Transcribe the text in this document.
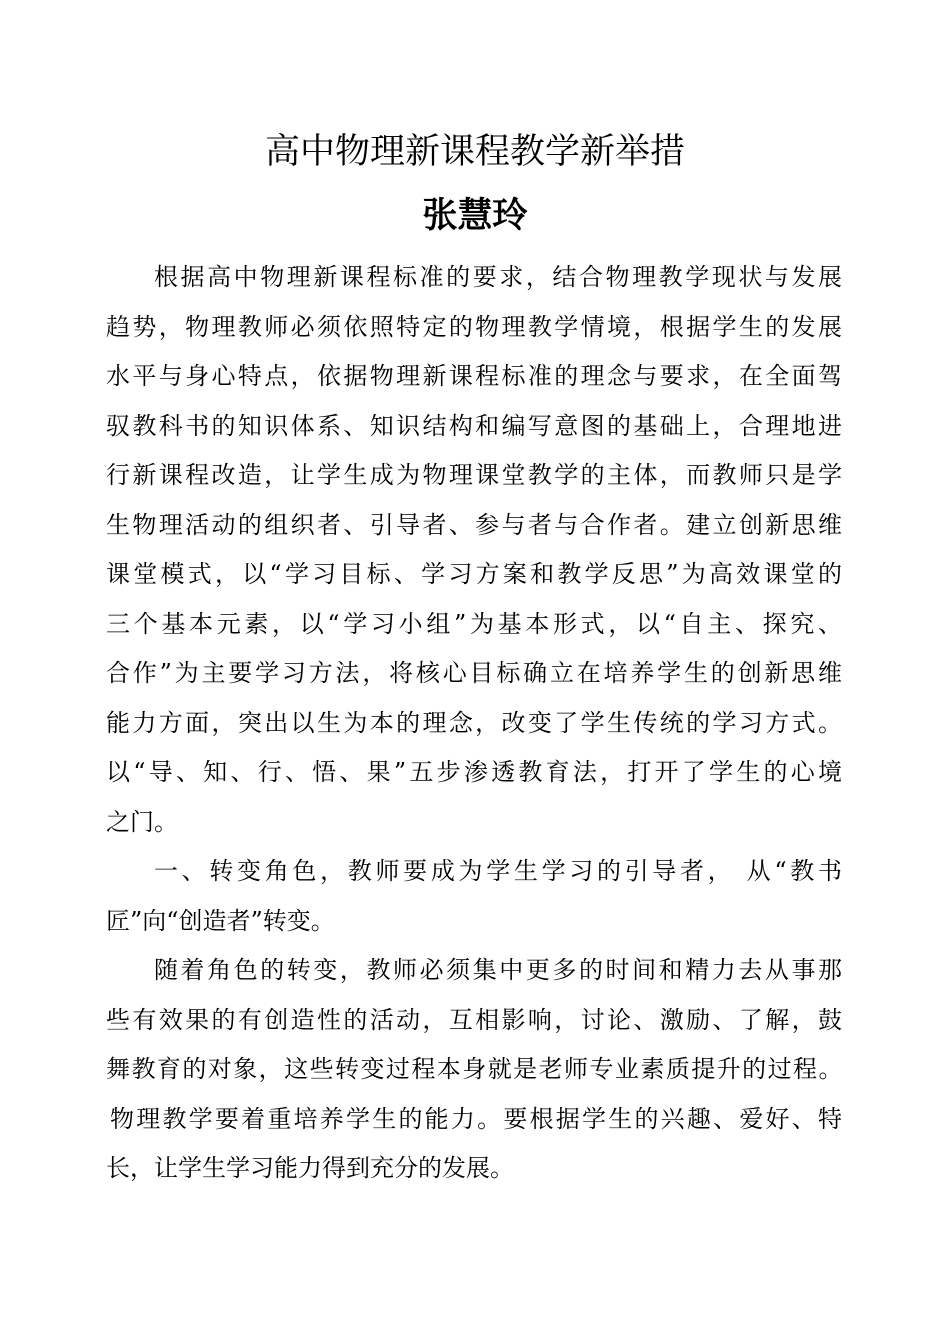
高中物理新课程教学新举措
张慧玲
根据高中物理新课程标准的要求，结合物理教学现状与发展
趋势，物理教师必须依照特定的物理教学情境，根据学生的发展
水平与身心特点，依据物理新课程标准的理念与要求，在全面驾
驭教科书的知识体系、知识结构和编写意图的基础上，合理地进
行新课程改造，让学生成为物理课堂教学的主体，而教师只是学
生物理活动的组织者、引导者、参与者与合作者。建立创新思维
课堂模式，以“学习目标、学习方案和教学反思”为高效课堂的
三个基本元素，以“学习小组”为基本形式，以“自主、探究、
合作”为主要学习方法，将核心目标确立在培养学生的创新思维
能力方面，突出以生为本的理念，改变了学生传统的学习方式。
以“导、知、行、悟、果”五步渗透教育法，打开了学生的心境
之门。
一、转变角色，教师要成为学生学习的引导者， 从“教书
匠”向“创造者”转变。
随着角色的转变，教师必须集中更多的时间和精力去从事那
些有效果的有创造性的活动，互相影响，讨论、激励、了解，鼓
舞教育的对象，这些转变过程本身就是老师专业素质提升的过程。
物理教学要着重培养学生的能力。要根据学生的兴趣、爱好、特
长，让学生学习能力得到充分的发展。
